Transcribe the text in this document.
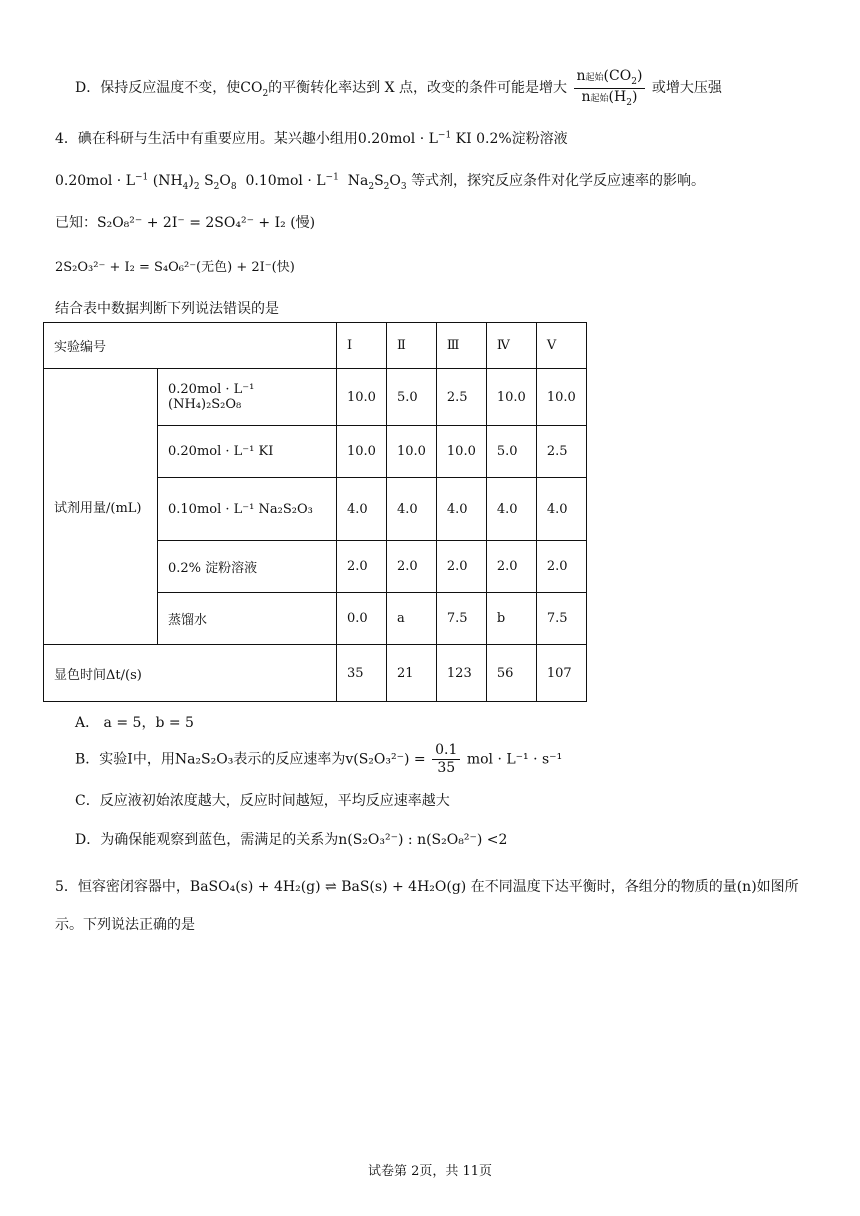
D．保持反应温度不变，使$CO_2$的平衡转化率达到 X 点，改变的条件可能是增大 $\frac{n起始(CO_2)}{n起始(H_2)}$ 或增大压强
4．碘在科研与生活中有重要应用。某兴趣小组用$0.20mol \cdot L^{-1}$ KI 0.2%淀粉溶液
$0.20mol \cdot L^{-1}$ $(NH_4)_2$ $S_2O_8$ $0.10mol \cdot L^{-1}$ $Na_2S_2O_3$ 等式剂，探究反应条件对化学反应速率的影响。
已知：S₂O₈²⁻ + 2I⁻ = 2SO₄²⁻ + I₂ (慢)
2S₂O₃²⁻ + I₂ = S₄O₆²⁻(无色) + 2I⁻(快)
结合表中数据判断下列说法错误的是
实验编号		Ⅰ	Ⅱ	Ⅲ	Ⅳ	Ⅴ
试剂用量/(mL)	0.20mol · L⁻¹ (NH₄)₂S₂O₈	10.0	5.0	2.5	10.0	10.0
	0.20mol · L⁻¹ KI	10.0	10.0	10.0	5.0	2.5
	0.10mol · L⁻¹ Na₂S₂O₃	4.0	4.0	4.0	4.0	4.0
	0.2% 淀粉溶液	2.0	2.0	2.0	2.0	2.0
	蒸馏水	0.0	a	7.5	b	7.5
显色时间Δt/(s)		35	21	123	56	107
A． a = 5，b = 5
B．实验Ⅰ中，用Na₂S₂O₃表示的反应速率为$v(S_2O_3^{2-}) = \frac{0.1}{35}$ mol · L⁻¹ · s⁻¹
C．反应液初始浓度越大，反应时间越短，平均反应速率越大
D．为确保能观察到蓝色，需满足的关系为n(S₂O₃²⁻) : n(S₂O₈²⁻) <2
5．恒容密闭容器中，BaSO₄(s) + 4H₂(g) ⇌ BaS(s) + 4H₂O(g) 在不同温度下达平衡时，各组分的物质的量(n)如图所
示。下列说法正确的是
试卷第 2页，共 11页
